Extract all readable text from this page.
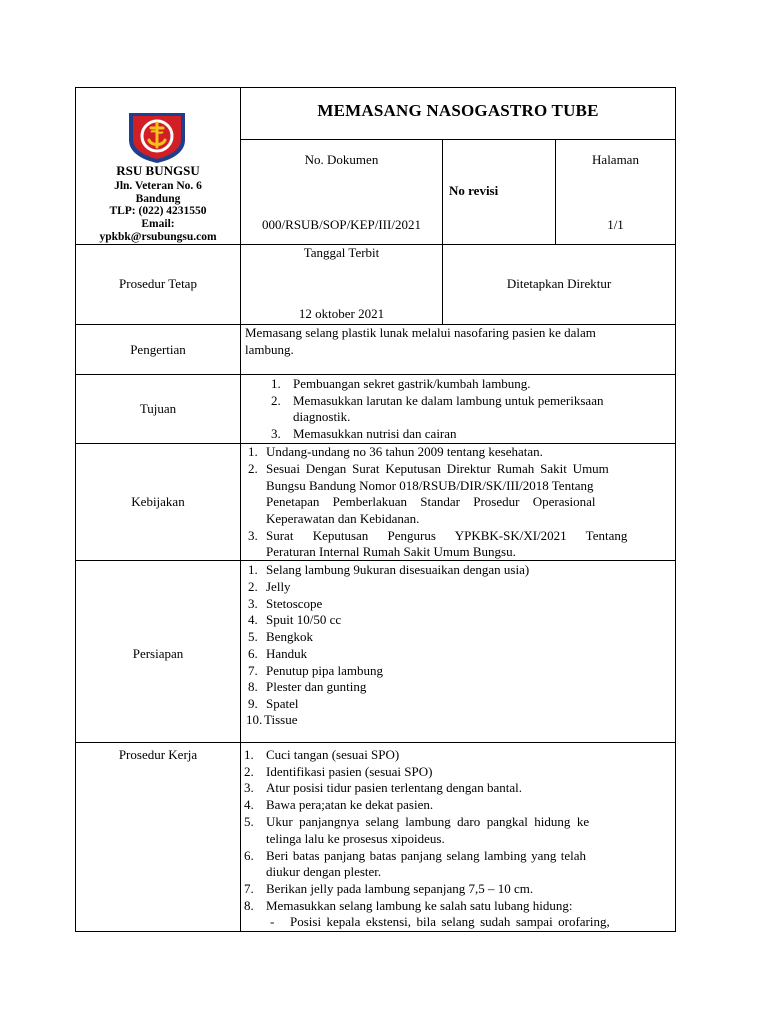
RSU BUNGSU
Jln. Veteran No. 6
Bandung
TLP: (022) 4231550
Email:
ypkbk@rsubungsu.com
MEMASANG NASOGASTRO TUBE
No. Dokumen
000/RSUB/SOP/KEP/III/2021
No revisi
Halaman
1/1
Prosedur Tetap
Tanggal Terbit
12 oktober 2021
Ditetapkan Direktur
Pengertian
Memasang selang plastik lunak melalui nasofaring pasien ke dalam
lambung.
Tujuan
1. Pembuangan sekret gastrik/kumbah lambung.
2. Memasukkan larutan ke dalam lambung untuk pemeriksaan
diagnostik.
3. Memasukkan nutrisi dan cairan
Kebijakan
1. Undang-undang no 36 tahun 2009 tentang kesehatan.
2. Sesuai Dengan Surat Keputusan Direktur Rumah Sakit Umum
Bungsu Bandung Nomor 018/RSUB/DIR/SK/III/2018 Tentang
Penetapan Pemberlakuan Standar Prosedur Operasional
Keperawatan dan Kebidanan.
3. Surat Keputusan Pengurus YPKBK-SK/XI/2021 Tentang
Peraturan Internal Rumah Sakit Umum Bungsu.
Persiapan
1. Selang lambung 9ukuran disesuaikan dengan usia)
2. Jelly
3. Stetoscope
4. Spuit 10/50 cc
5. Bengkok
6. Handuk
7. Penutup pipa lambung
8. Plester dan gunting
9. Spatel
10. Tissue
Prosedur Kerja	1. Cuci tangan (sesuai SPO)
2. Identifikasi pasien (sesuai SPO)
3. Atur posisi tidur pasien terlentang dengan bantal.
4. Bawa pera;atan ke dekat pasien.
5. Ukur panjangnya selang lambung daro pangkal hidung ke
telinga lalu ke prosesus xipoideus.
6. Beri batas panjang batas panjang selang lambing yang telah
diukur dengan plester.
7. Berikan jelly pada lambung sepanjang 7,5 – 10 cm.
8. Memasukkan selang lambung ke salah satu lubang hidung:
- Posisi kepala ekstensi, bila selang sudah sampai orofaring,
